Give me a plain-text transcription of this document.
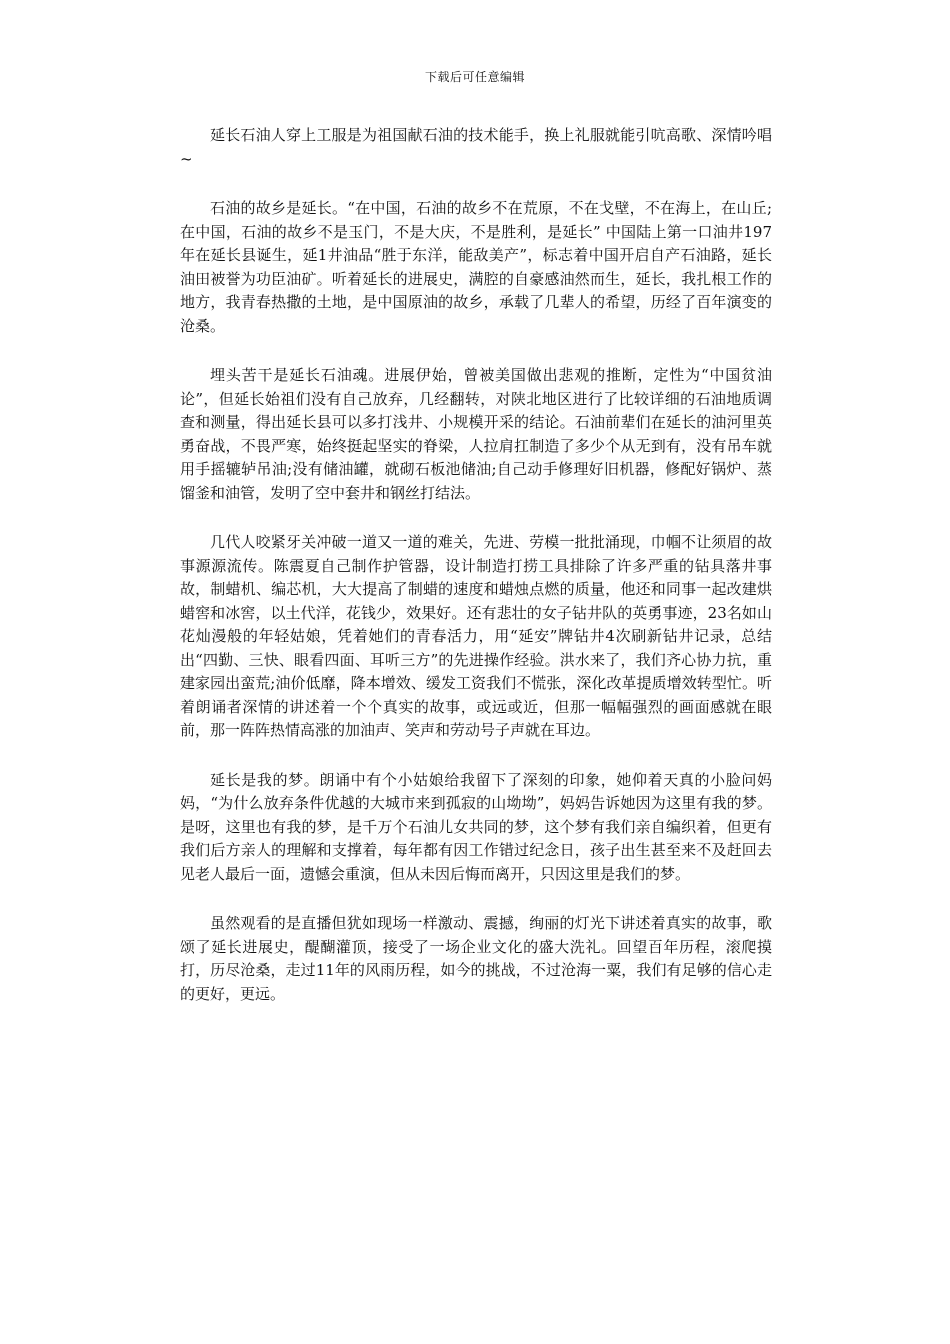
下载后可任意编辑

延长石油人穿上工服是为祖国献石油的技术能手，换上礼服就能引吭高歌、深情吟唱~

石油的故乡是延长。“在中国，石油的故乡不在荒原，不在戈壁，不在海上，在山丘;在中国，石油的故乡不是玉门，不是大庆，不是胜利，是延长” 中国陆上第一口油井197年在延长县诞生，延1井油品“胜于东洋，能敌美产”，标志着中国开启自产石油路，延长油田被誉为功臣油矿。听着延长的进展史，满腔的自豪感油然而生，延长，我扎根工作的地方，我青春热撒的土地，是中国原油的故乡，承载了几辈人的希望，历经了百年演变的沧桑。

埋头苦干是延长石油魂。进展伊始，曾被美国做出悲观的推断，定性为“中国贫油论”，但延长始祖们没有自己放弃，几经翻转，对陕北地区进行了比较详细的石油地质调查和测量，得出延长县可以多打浅井、小规模开采的结论。石油前辈们在延长的油河里英勇奋战，不畏严寒，始终挺起坚实的脊梁，人拉肩扛制造了多少个从无到有，没有吊车就用手摇辘轳吊油;没有储油罐，就砌石板池储油;自己动手修理好旧机器，修配好锅炉、蒸馏釜和油管，发明了空中套井和钢丝打结法。

几代人咬紧牙关冲破一道又一道的难关，先进、劳模一批批涌现，巾帼不让须眉的故事源源流传。陈震夏自己制作护管器，设计制造打捞工具排除了许多严重的钻具落井事故，制蜡机、编芯机，大大提高了制蜡的速度和蜡烛点燃的质量，他还和同事一起改建烘蜡窖和冰窖，以土代洋，花钱少，效果好。还有悲壮的女子钻井队的英勇事迹，23名如山花灿漫般的年轻姑娘，凭着她们的青春活力，用“延安”牌钻井4次刷新钻井记录，总结出“四勤、三快、眼看四面、耳听三方”的先进操作经验。洪水来了，我们齐心协力抗，重建家园出蛮荒;油价低靡，降本增效、缓发工资我们不慌张，深化改革提质增效转型忙。听着朗诵者深情的讲述着一个个真实的故事，或远或近，但那一幅幅强烈的画面感就在眼前，那一阵阵热情高涨的加油声、笑声和劳动号子声就在耳边。

延长是我的梦。朗诵中有个小姑娘给我留下了深刻的印象，她仰着天真的小脸问妈妈，“为什么放弃条件优越的大城市来到孤寂的山坳坳”，妈妈告诉她因为这里有我的梦。是呀，这里也有我的梦，是千万个石油儿女共同的梦，这个梦有我们亲自编织着，但更有我们后方亲人的理解和支撑着，每年都有因工作错过纪念日，孩子出生甚至来不及赶回去见老人最后一面，遗憾会重演，但从未因后悔而离开，只因这里是我们的梦。

虽然观看的是直播但犹如现场一样激动、震撼，绚丽的灯光下讲述着真实的故事，歌颂了延长进展史，醍醐灌顶，接受了一场企业文化的盛大洗礼。回望百年历程，滚爬摸打，历尽沧桑，走过11年的风雨历程，如今的挑战，不过沧海一粟，我们有足够的信心走的更好，更远。
